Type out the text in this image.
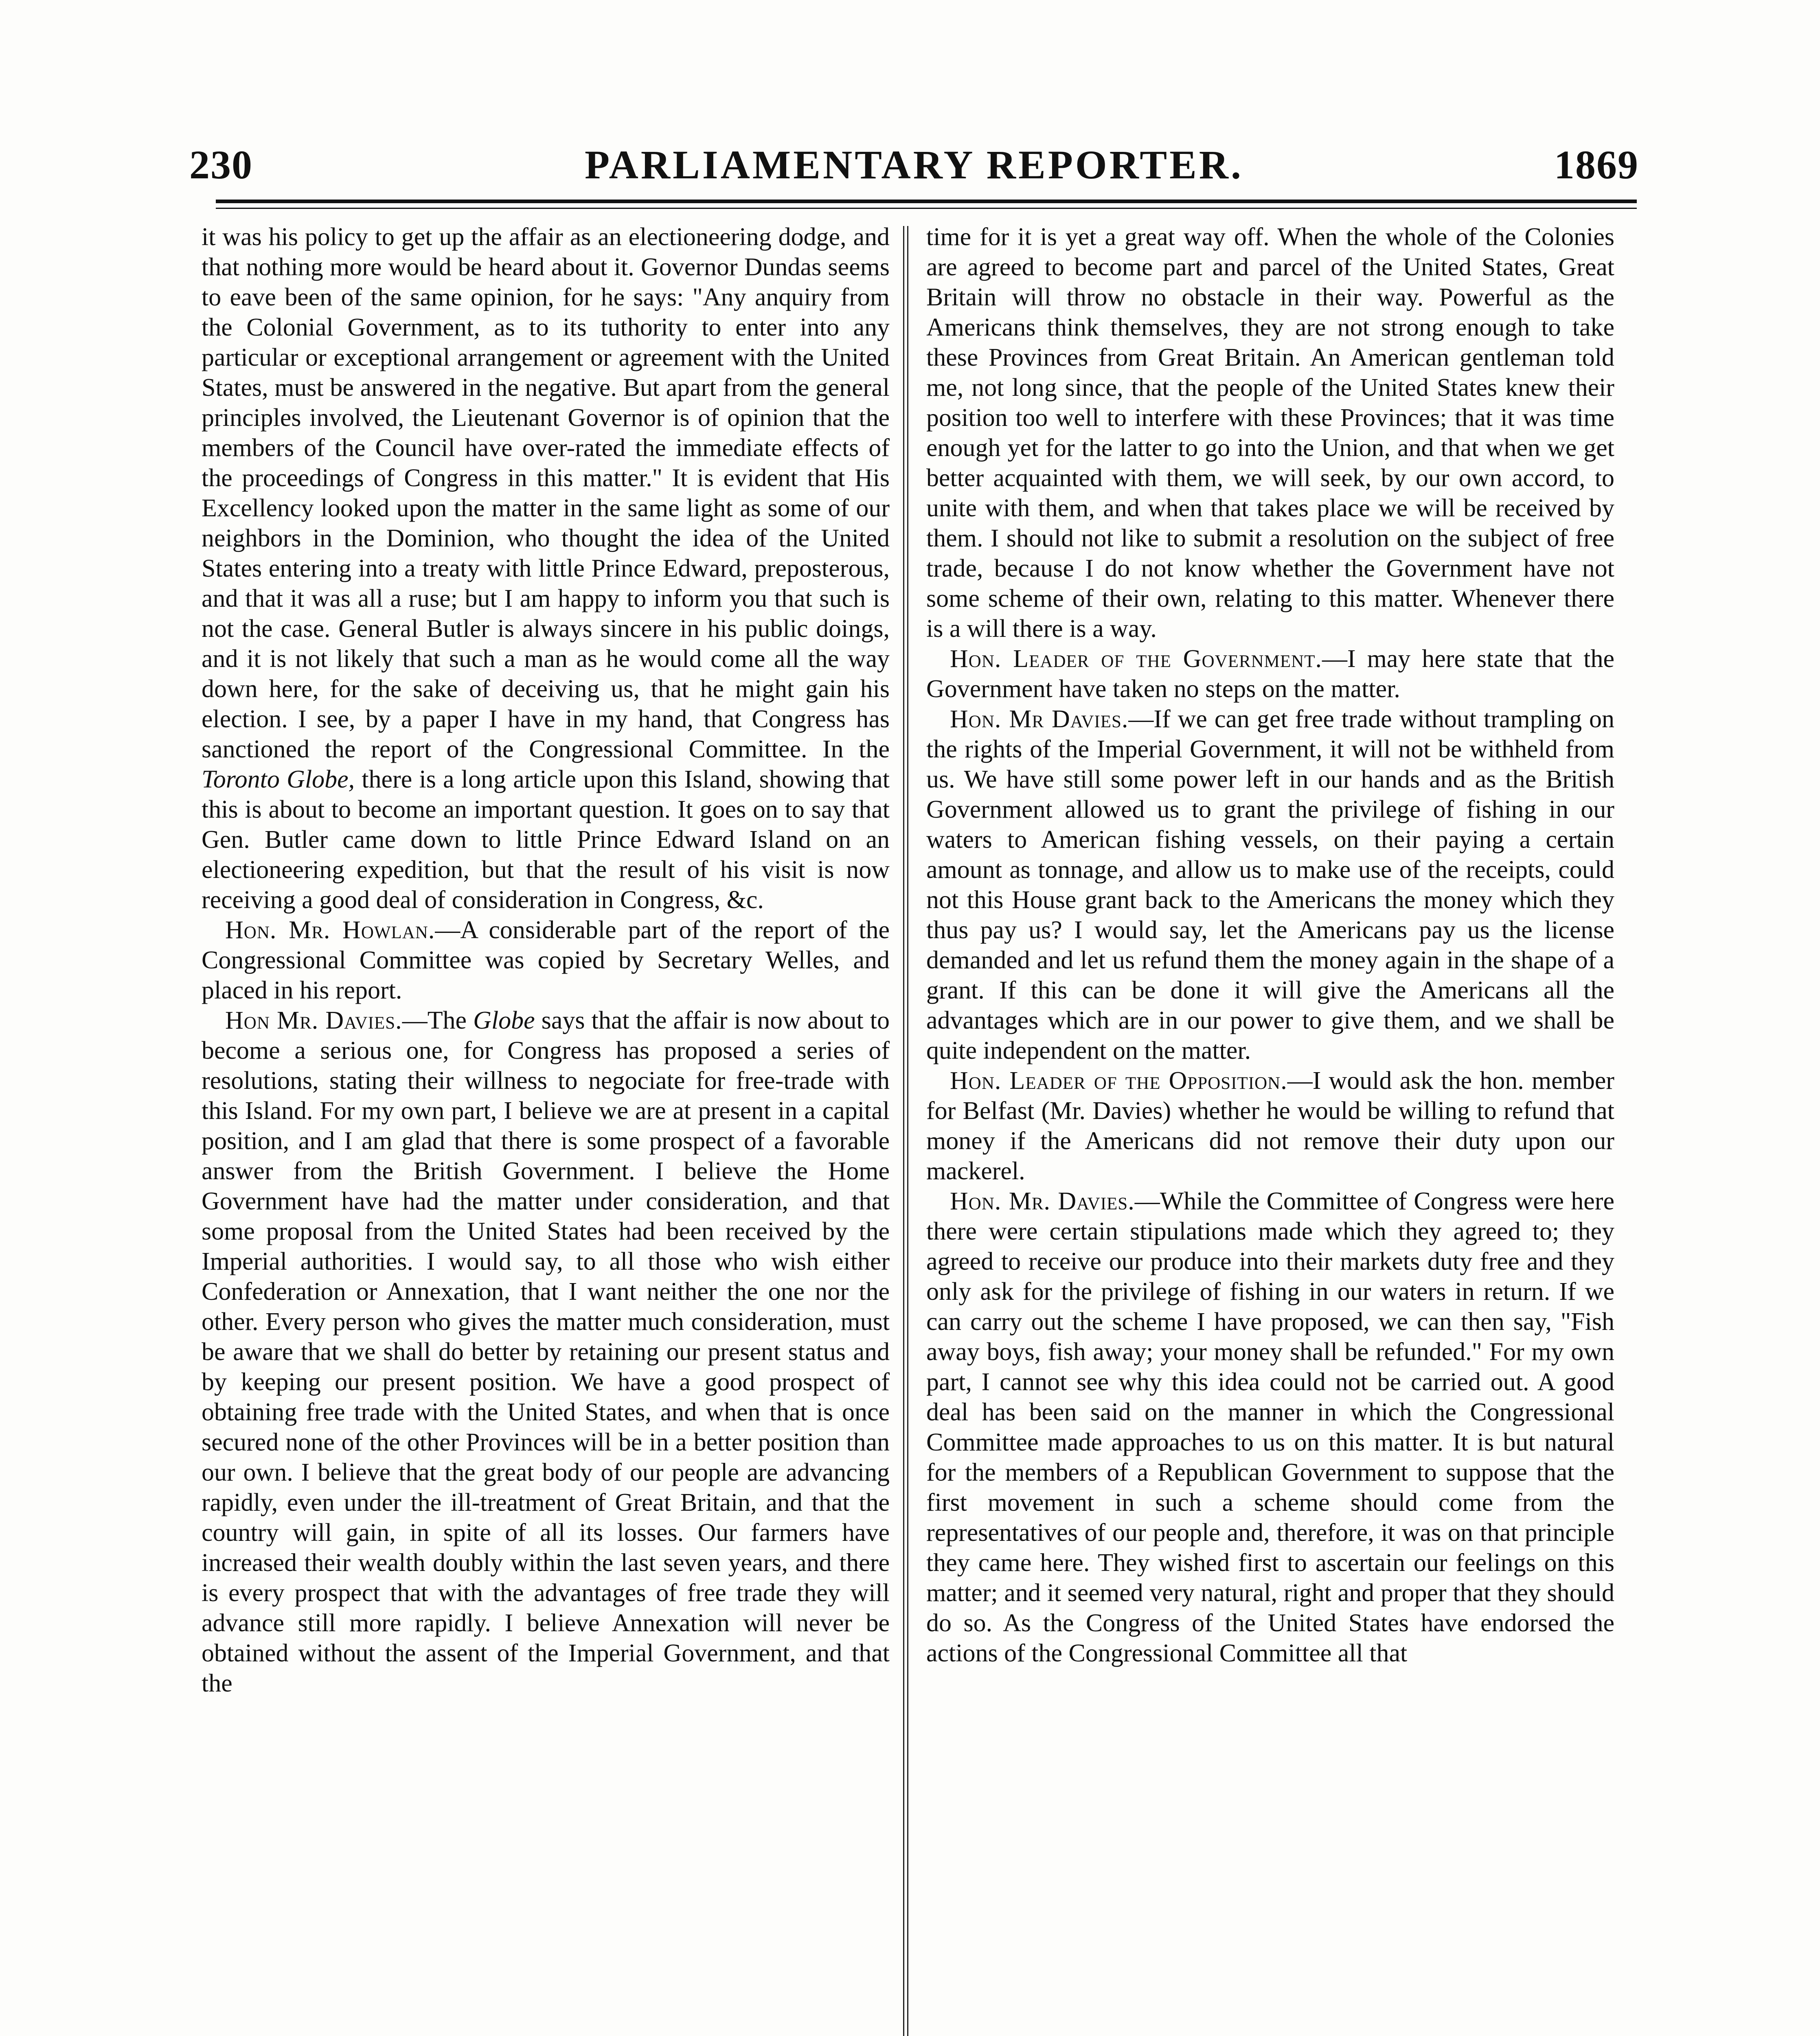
230	PARLIAMENTARY REPORTER.	1869

it was his policy to get up the affair as an electioneering dodge, and that nothing more would be heard about it. Governor Dundas seems to eave been of the same opinion, for he says: "Any anquiry from the Colonial Government, as to its tuthority to enter into any particular or exceptional arrangement or agreement with the United States, must be answered in the negative. But apart from the general principles involved, the Lieutenant Governor is of opinion that the members of the Council have over-rated the immediate effects of the proceedings of Congress in this matter." It is evident that His Excellency looked upon the matter in the same light as some of our neighbors in the Dominion, who thought the idea of the United States entering into a treaty with little Prince Edward, preposterous, and that it was all a ruse; but I am happy to inform you that such is not the case. General Butler is always sincere in his public doings, and it is not likely that such a man as he would come all the way down here, for the sake of deceiving us, that he might gain his election. I see, by a paper I have in my hand, that Congress has sanctioned the report of the Congressional Committee. In the Toronto Globe, there is a long article upon this Island, showing that this is about to become an important question. It goes on to say that Gen. Butler came down to little Prince Edward Island on an electioneering expedition, but that the result of his visit is now receiving a good deal of consideration in Congress, &c.

Hon. Mr. Howlan.—A considerable part of the report of the Congressional Committee was copied by Secretary Welles, and placed in his report.

Hon Mr. Davies.—The Globe says that the affair is now about to become a serious one, for Congress has proposed a series of resolutions, stating their willness to negociate for free-trade with this Island. For my own part, I believe we are at present in a capital position, and I am glad that there is some prospect of a favorable answer from the British Government. I believe the Home Government have had the matter under consideration, and that some proposal from the United States had been received by the Imperial authorities. I would say, to all those who wish either Confederation or Annexation, that I want neither the one nor the other. Every person who gives the matter much consideration, must be aware that we shall do better by retaining our present status and by keeping our present position. We have a good prospect of obtaining free trade with the United States, and when that is once secured none of the other Provinces will be in a better position than our own. I believe that the great body of our people are advancing rapidly, even under the ill-treatment of Great Britain, and that the country will gain, in spite of all its losses. Our farmers have increased their wealth doubly within the last seven years, and there is every prospect that with the advantages of free trade they will advance still more rapidly. I believe Annexation will never be obtained without the assent of the Imperial Government, and that the

time for it is yet a great way off. When the whole of the Colonies are agreed to become part and parcel of the United States, Great Britain will throw no obstacle in their way. Powerful as the Americans think themselves, they are not strong enough to take these Provinces from Great Britain. An American gentleman told me, not long since, that the people of the United States knew their position too well to interfere with these Provinces; that it was time enough yet for the latter to go into the Union, and that when we get better acquainted with them, we will seek, by our own accord, to unite with them, and when that takes place we will be received by them. I should not like to submit a resolution on the subject of free trade, because I do not know whether the Government have not some scheme of their own, relating to this matter. Whenever there is a will there is a way.

Hon. Leader of the Government.—I may here state that the Government have taken no steps on the matter.

Hon. Mr Davies.—If we can get free trade without trampling on the rights of the Imperial Government, it will not be withheld from us. We have still some power left in our hands and as the British Government allowed us to grant the privilege of fishing in our waters to American fishing vessels, on their paying a certain amount as tonnage, and allow us to make use of the receipts, could not this House grant back to the Americans the money which they thus pay us? I would say, let the Americans pay us the license demanded and let us refund them the money again in the shape of a grant. If this can be done it will give the Americans all the advantages which are in our power to give them, and we shall be quite independent on the matter.

Hon. Leader of the Opposition.—I would ask the hon. member for Belfast (Mr. Davies) whether he would be willing to refund that money if the Americans did not remove their duty upon our mackerel.

Hon. Mr. Davies.—While the Committee of Congress were here there were certain stipulations made which they agreed to; they agreed to receive our produce into their markets duty free and they only ask for the privilege of fishing in our waters in return. If we can carry out the scheme I have proposed, we can then say, "Fish away boys, fish away; your money shall be refunded." For my own part, I cannot see why this idea could not be carried out. A good deal has been said on the manner in which the Congressional Committee made approaches to us on this matter. It is but natural for the members of a Republican Government to suppose that the first movement in such a scheme should come from the representatives of our people and, therefore, it was on that principle they came here. They wished first to ascertain our feelings on this matter; and it seemed very natural, right and proper that they should do so. As the Congress of the United States have endorsed the actions of the Congressional Committee all that
